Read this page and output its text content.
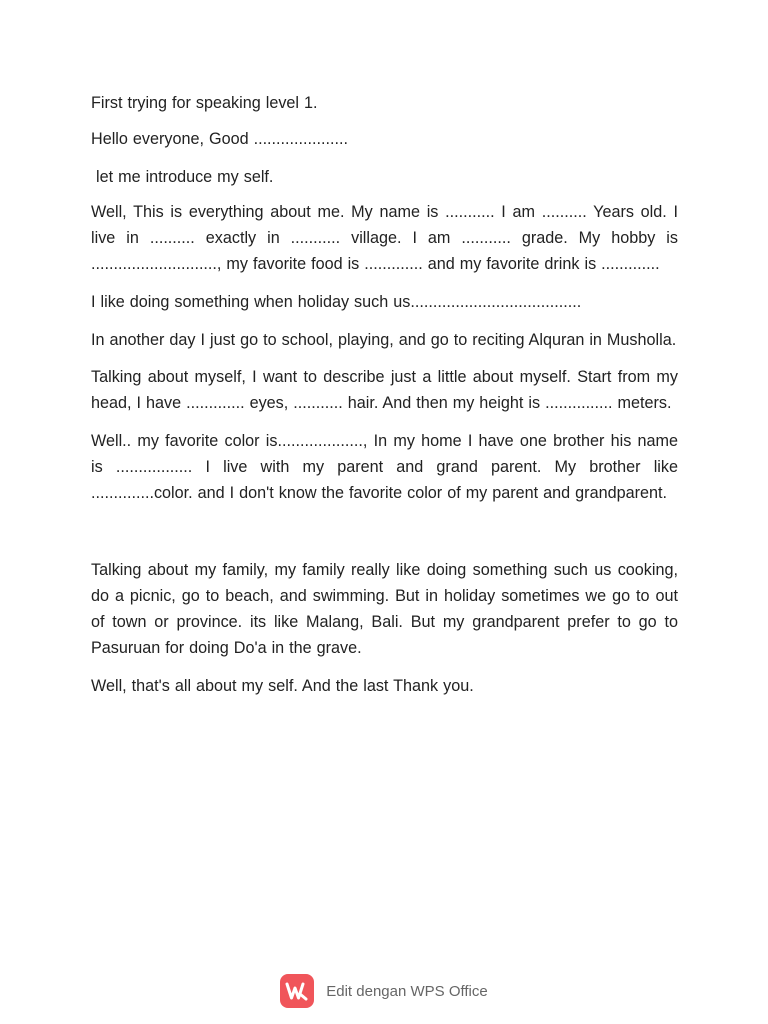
First trying for speaking level 1.

Hello everyone, Good .....................

let me introduce my self.

Well, This is everything about me. My name is ........... I am .......... Years old. I live in .......... exactly in ........... village. I am ........... grade. My hobby is ............................, my favorite food is ............. and my favorite drink is .............

I like doing something when holiday such us......................................

In another day I just go to school, playing, and go to reciting Alquran in Musholla.

Talking about myself, I want to describe just a little about myself. Start from my head, I have ............. eyes, ........... hair. And then my height is ............... meters.

Well.. my favorite color is..................., In my home I have one brother his name is ................. I live with my parent and grand parent. My brother like ..............color. and I don't know the favorite color of my parent and grandparent.

Talking about my family, my family really like doing something such us cooking, do a picnic, go to beach, and swimming. But in holiday sometimes we go to out of town or province. its like Malang, Bali. But my grandparent prefer to go to Pasuruan for doing Do'a in the grave.

Well, that's all about my self. And the last Thank you.

Edit dengan WPS Office
